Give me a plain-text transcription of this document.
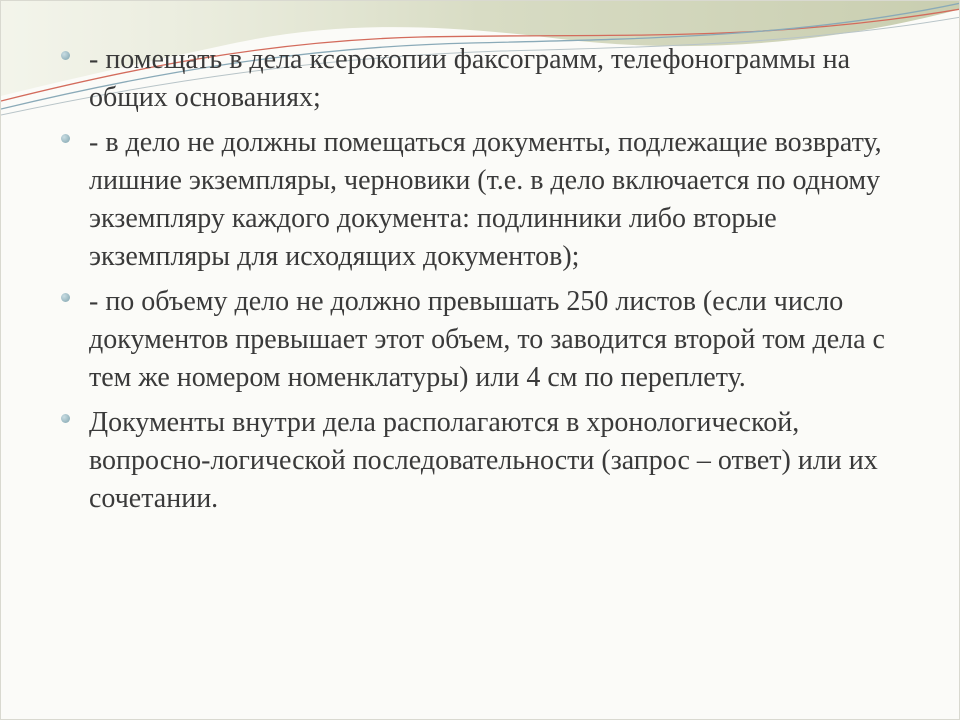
- помещать в дела ксерокопии факсограмм, телефонограммы на общих основаниях;
- в дело не должны помещаться документы, подлежащие возврату, лишние экземпляры, черновики (т.е. в дело включается по одному экземпляру каждого документа: подлинники либо вторые экземпляры для исходящих документов);
- по объему дело не должно превышать 250 листов (если число документов превышает этот объем, то заводится второй том дела с тем же номером номенклатуры) или 4 см по переплету.
Документы внутри дела располагаются в хронологической, вопросно-логической последовательности (запрос – ответ) или их сочетании.
